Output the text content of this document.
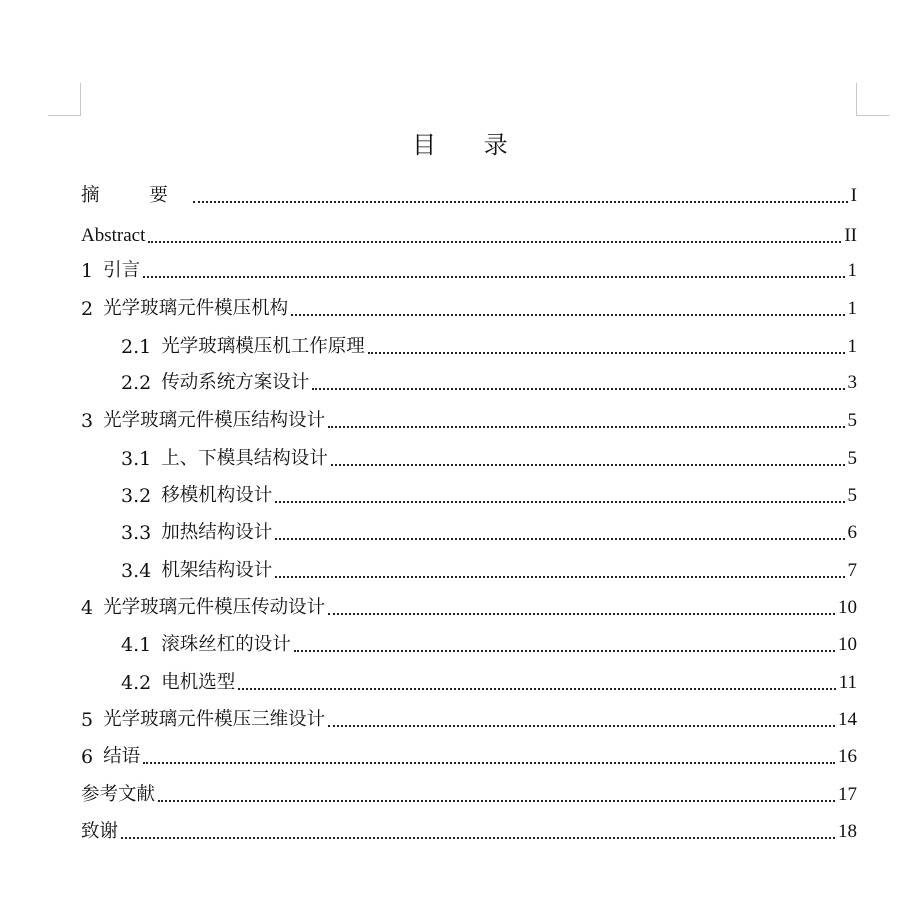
目 录
摘 要	I
Abstract	II
1 引言	1
2 光学玻璃元件模压机构	1
2.1 光学玻璃模压机工作原理	1
2.2 传动系统方案设计	3
3 光学玻璃元件模压结构设计	5
3.1 上、下模具结构设计	5
3.2 移模机构设计	5
3.3 加热结构设计	6
3.4 机架结构设计	7
4 光学玻璃元件模压传动设计	10
4.1 滚珠丝杠的设计	10
4.2 电机选型	11
5 光学玻璃元件模压三维设计	14
6 结语	16
参考文献	17
致谢	18
